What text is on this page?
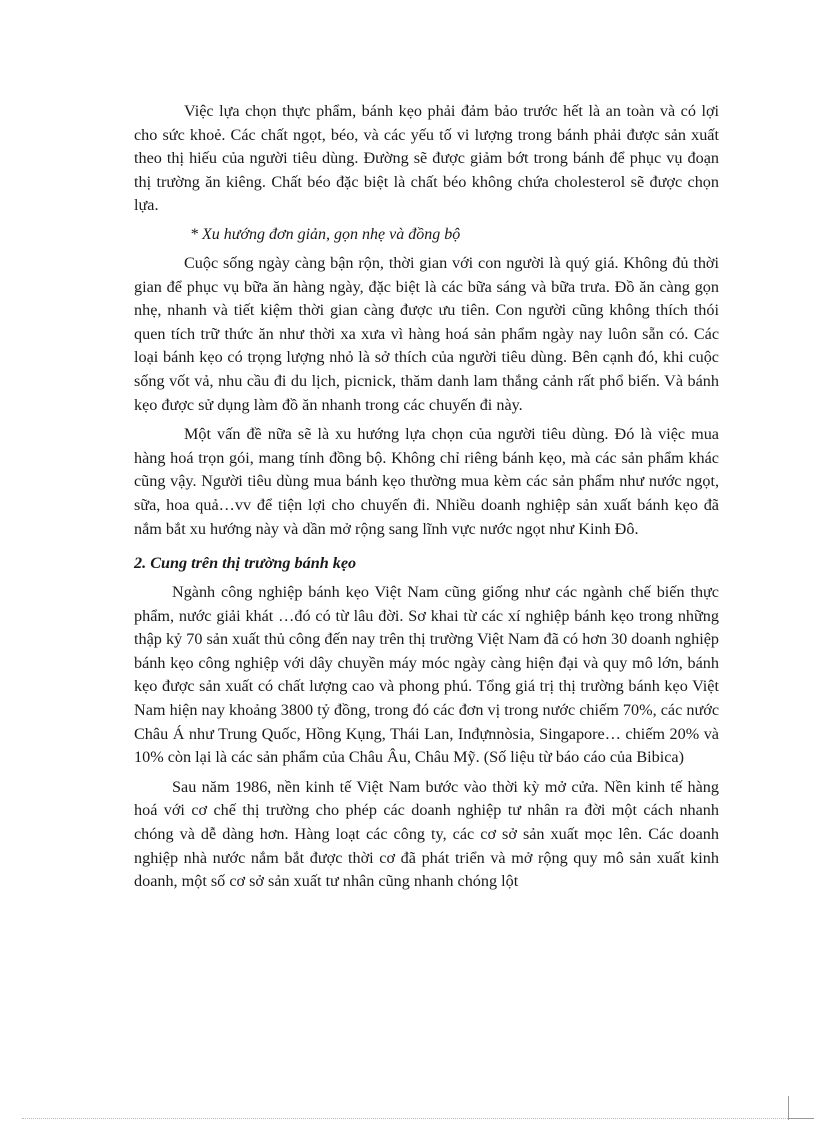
Việc lựa chọn thực phẩm, bánh kẹo phải đảm bảo trước hết là an toàn và có lợi cho sức khoẻ. Các chất ngọt, béo, và các yếu tố vi lượng trong bánh phải được sản xuất theo thị hiếu của người tiêu dùng. Đường sẽ được giảm bớt trong bánh để phục vụ đoạn thị trường ăn kiêng. Chất béo đặc biệt là chất béo không chứa cholesterol sẽ được chọn lựa.

* Xu hướng đơn giản, gọn nhẹ và đồng bộ

Cuộc sống ngày càng bận rộn, thời gian với con người là quý giá. Không đủ thời gian để phục vụ bữa ăn hàng ngày, đặc biệt là các bữa sáng và bữa trưa. Đồ ăn càng gọn nhẹ, nhanh và tiết kiệm thời gian càng được ưu tiên. Con người cũng không thích thói quen tích trữ thức ăn như thời xa xưa vì hàng hoá sản phẩm ngày nay luôn sẵn có. Các loại bánh kẹo có trọng lượng nhỏ là sở thích của người tiêu dùng. Bên cạnh đó, khi cuộc sống vốt vả, nhu cầu đi du lịch, picnick, thăm danh lam thắng cảnh rất phổ biến. Và bánh kẹo được sử dụng làm đồ ăn nhanh trong các chuyến đi này.

Một vấn đề nữa sẽ là xu hướng lựa chọn của người tiêu dùng. Đó là việc mua hàng hoá trọn gói, mang tính đồng bộ. Không chỉ riêng bánh kẹo, mà các sản phẩm khác cũng vậy. Người tiêu dùng mua bánh kẹo thường mua kèm các sản phẩm như nước ngọt, sữa, hoa quả…vv để tiện lợi cho chuyến đi. Nhiều doanh nghiệp sản xuất bánh kẹo đã nắm bắt xu hướng này và dần mở rộng sang lĩnh vực nước ngọt như Kinh Đô.

2. Cung trên thị trường bánh kẹo

Ngành công nghiệp bánh kẹo Việt Nam cũng giống như các ngành chế biến thực phẩm, nước giải khát …đó có từ lâu đời. Sơ khai từ các xí nghiệp bánh kẹo trong những thập kỷ 70 sản xuất thủ công đến nay trên thị trường Việt Nam đã có hơn 30 doanh nghiệp bánh kẹo công nghiệp với dây chuyền máy móc ngày càng hiện đại và quy mô lớn, bánh kẹo được sản xuất có chất lượng cao và phong phú. Tổng giá trị thị trường bánh kẹo Việt Nam hiện nay khoảng 3800 tỷ đồng, trong đó các đơn vị trong nước chiếm 70%, các nước Châu Á như Trung Quốc, Hồng Kụng, Thái Lan, Inđựnnòsia, Singapore… chiếm 20% và 10% còn lại là các sản phẩm của Châu Âu, Châu Mỹ. (Số liệu từ báo cáo của Bibica)

Sau năm 1986, nền kinh tế Việt Nam bước vào thời kỳ mở cửa. Nền kinh tế hàng hoá với cơ chế thị trường cho phép các doanh nghiệp tư nhân ra đời một cách nhanh chóng và dễ dàng hơn. Hàng loạt các công ty, các cơ sở sản xuất mọc lên. Các doanh nghiệp nhà nước nắm bắt được thời cơ đã phát triển và mở rộng quy mô sản xuất kinh doanh, một số cơ sở sản xuất tư nhân cũng nhanh chóng lột
